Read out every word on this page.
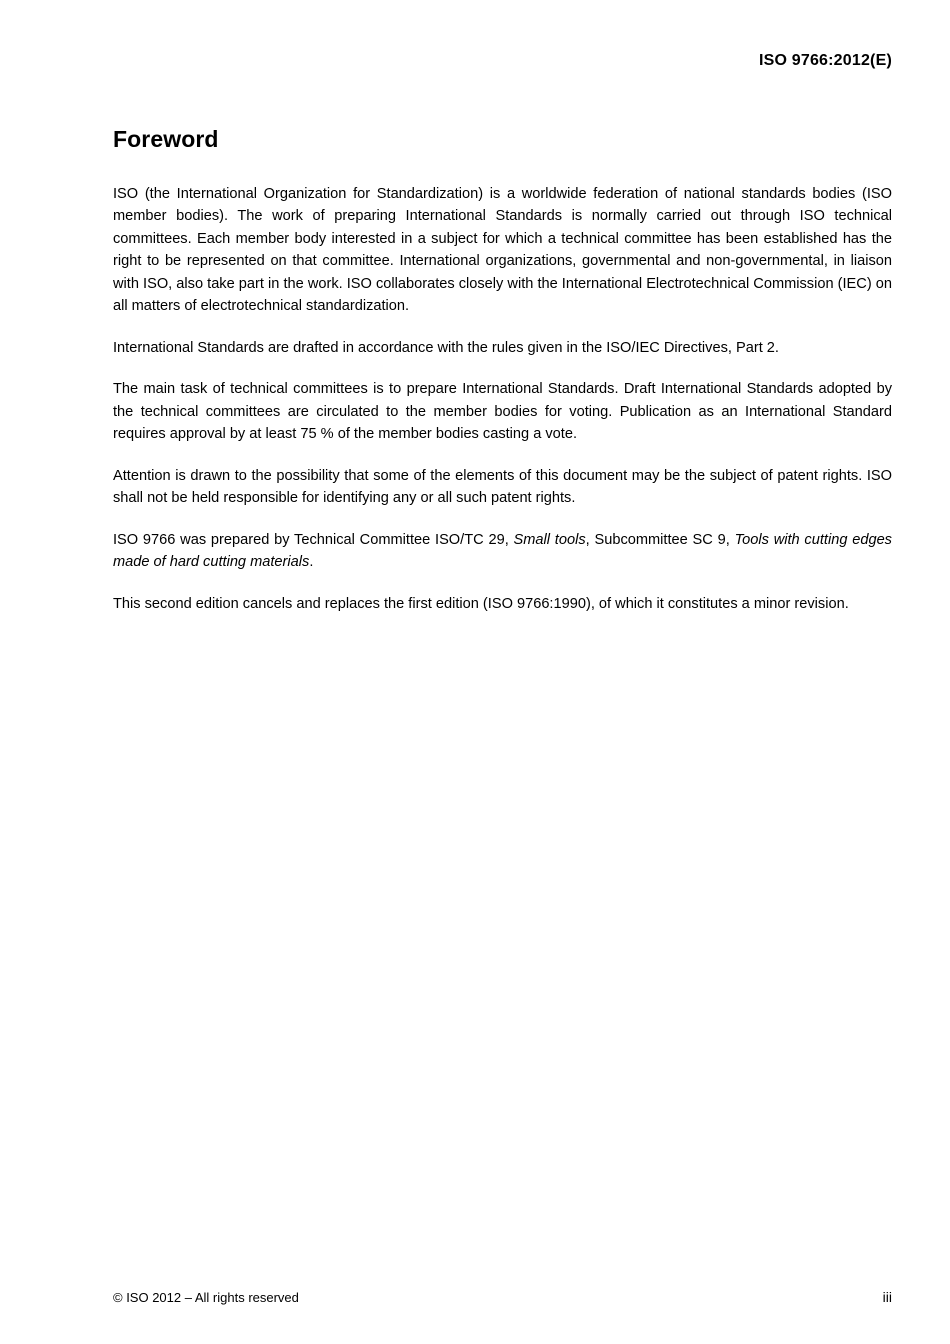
ISO 9766:2012(E)
Foreword

ISO (the International Organization for Standardization) is a worldwide federation of national standards bodies (ISO member bodies). The work of preparing International Standards is normally carried out through ISO technical committees. Each member body interested in a subject for which a technical committee has been established has the right to be represented on that committee. International organizations, governmental and non-governmental, in liaison with ISO, also take part in the work. ISO collaborates closely with the International Electrotechnical Commission (IEC) on all matters of electrotechnical standardization.

International Standards are drafted in accordance with the rules given in the ISO/IEC Directives, Part 2.

The main task of technical committees is to prepare International Standards. Draft International Standards adopted by the technical committees are circulated to the member bodies for voting. Publication as an International Standard requires approval by at least 75 % of the member bodies casting a vote.

Attention is drawn to the possibility that some of the elements of this document may be the subject of patent rights. ISO shall not be held responsible for identifying any or all such patent rights.

ISO 9766 was prepared by Technical Committee ISO/TC 29, Small tools, Subcommittee SC 9, Tools with cutting edges made of hard cutting materials.

This second edition cancels and replaces the first edition (ISO 9766:1990), of which it constitutes a minor revision.

© ISO 2012 – All rights reserved	iii
